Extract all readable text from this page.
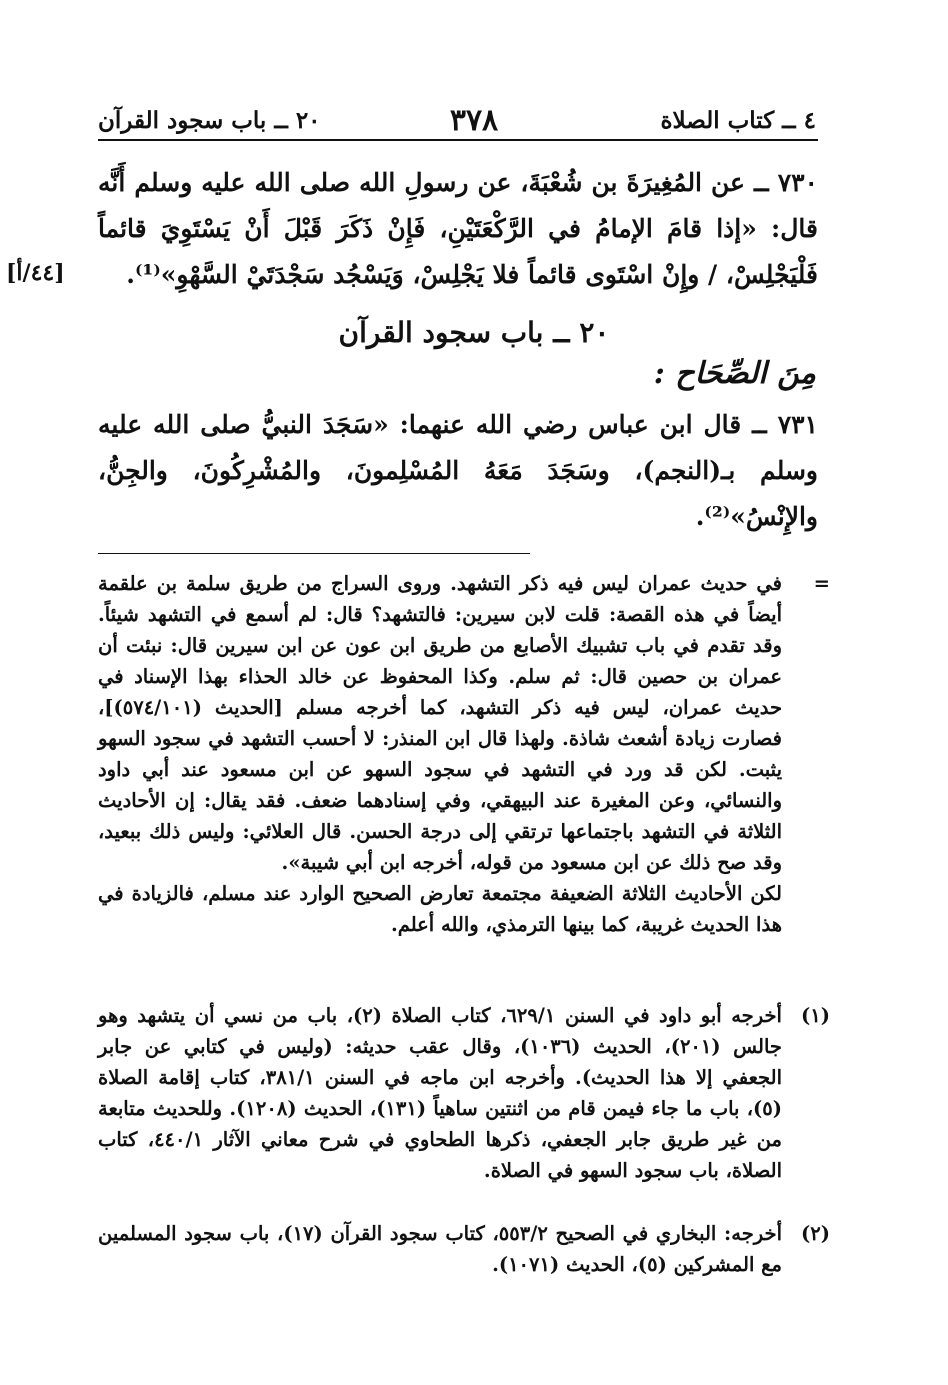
٤ ــ كتاب الصلاة
٣٧٨
٢٠ ــ باب سجود القرآن
٧٣٠ ــ عن المُغِيرَةَ بن شُعْبَةَ، عن رسولِ الله صلى الله عليه وسلم أَنَّه قال: «إذا قامَ الإمامُ في الرَّكْعَتَيْنِ، فَإِنْ ذَكَرَ قَبْلَ أَنْ يَسْتَوِيَ قائماً فَلْيَجْلِسْ، / وإِنْ اسْتَوى قائماً فلا يَجْلِسْ، وَيَسْجُد سَجْدَتَيْ السَّهْوِ»⁽¹⁾.
[٤٤/أ]
٢٠ ــ باب سجود القرآن
مِنَ الصِّحَاح :
٧٣١ ــ قال ابن عباس رضي الله عنهما: «سَجَدَ النبيُّ صلى الله عليه وسلم بـ(النجم)، وسَجَدَ مَعَهُ المُسْلِمونَ، والمُشْرِكُونَ، والجِنُّ، والإِنْسُ»⁽²⁾.
=
في حديث عمران ليس فيه ذكر التشهد. وروى السراج من طريق سلمة بن علقمة أيضاً في هذه القصة: قلت لابن سيرين: فالتشهد؟ قال: لم أسمع في التشهد شيئاً. وقد تقدم في باب تشبيك الأصابع من طريق ابن عون عن ابن سيرين قال: نبئت أن عمران بن حصين قال: ثم سلم. وكذا المحفوظ عن خالد الحذاء بهذا الإسناد في حديث عمران، ليس فيه ذكر التشهد، كما أخرجه مسلم [الحديث (٥٧٤/١٠١)]، فصارت زيادة أشعث شاذة. ولهذا قال ابن المنذر: لا أحسب التشهد في سجود السهو يثبت. لكن قد ورد في التشهد في سجود السهو عن ابن مسعود عند أبي داود والنسائي، وعن المغيرة عند البيهقي، وفي إسنادهما ضعف. فقد يقال: إن الأحاديث الثلاثة في التشهد باجتماعها ترتقي إلى درجة الحسن. قال العلائي: وليس ذلك ببعيد، وقد صح ذلك عن ابن مسعود من قوله، أخرجه ابن أبي شيبة».
لكن الأحاديث الثلاثة الضعيفة مجتمعة تعارض الصحيح الوارد عند مسلم، فالزيادة في هذا الحديث غريبة، كما بينها الترمذي، والله أعلم.
(١)
أخرجه أبو داود في السنن ٦٢٩/١، كتاب الصلاة (٢)، باب من نسي أن يتشهد وهو جالس (٢٠١)، الحديث (١٠٣٦)، وقال عقب حديثه: (وليس في كتابي عن جابر الجعفي إلا هذا الحديث). وأخرجه ابن ماجه في السنن ٣٨١/١، كتاب إقامة الصلاة (٥)، باب ما جاء فيمن قام من اثنتين ساهياً (١٣١)، الحديث (١٢٠٨). وللحديث متابعة من غير طريق جابر الجعفي، ذكرها الطحاوي في شرح معاني الآثار ٤٤٠/١، كتاب الصلاة، باب سجود السهو في الصلاة.
(٢)
أخرجه: البخاري في الصحيح ٥٥٣/٢، كتاب سجود القرآن (١٧)، باب سجود المسلمين مع المشركين (٥)، الحديث (١٠٧١).
